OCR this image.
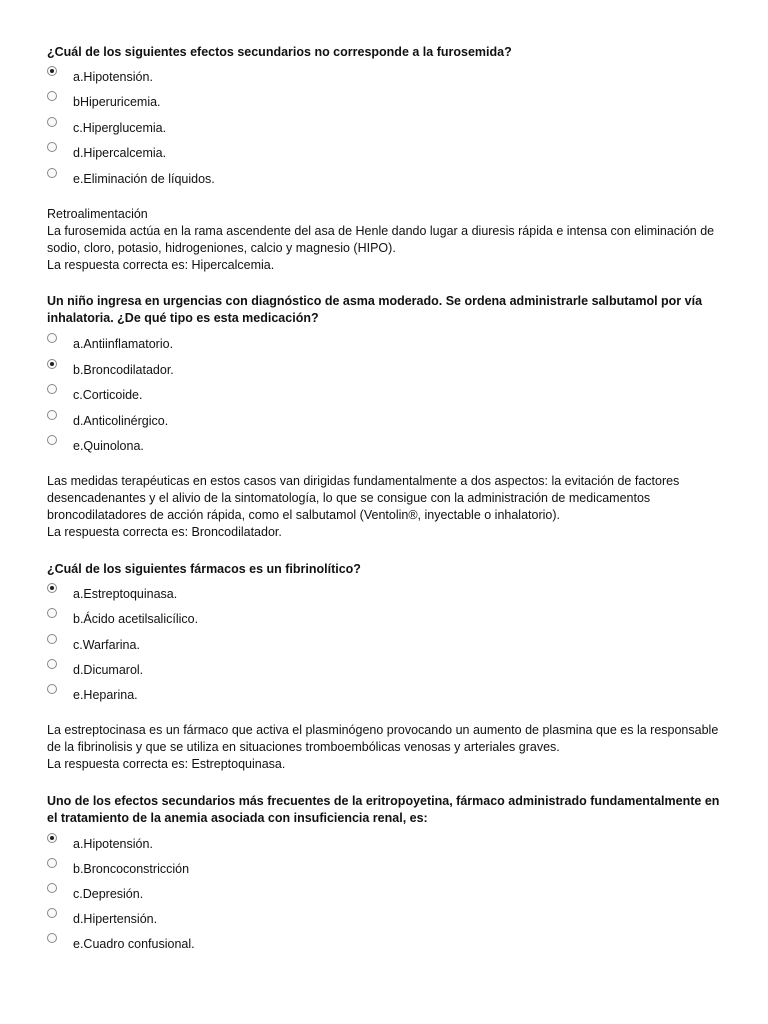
¿Cuál de los siguientes efectos secundarios no corresponde a la furosemida?
a.Hipotensión.
bHiperuricemia.
c.Hiperglucemia.
d.Hipercalcemia.
e.Eliminación de líquidos.

Retroalimentación

La furosemida actúa en la rama ascendente del asa de Henle dando lugar a diuresis rápida e intensa con eliminación de sodio, cloro, potasio, hidrogeniones, calcio y magnesio (HIPO).

La respuesta correcta es: Hipercalcemia.

Un niño ingresa en urgencias con diagnóstico de asma moderado. Se ordena administrarle salbutamol por vía inhalatoria. ¿De qué tipo es esta medicación?
a.Antiinflamatorio.
b.Broncodilatador.
c.Corticoide.
d.Anticolinérgico.
e.Quinolona.

Las medidas terapéuticas en estos casos van dirigidas fundamentalmente a dos aspectos: la evitación de factores desencadenantes y el alivio de la sintomatología, lo que se consigue con la administración de medicamentos broncodilatadores de acción rápida, como el salbutamol (Ventolin®, inyectable o inhalatorio).

La respuesta correcta es: Broncodilatador.

¿Cuál de los siguientes fármacos es un fibrinolítico?
a.Estreptoquinasa.
b.Ácido acetilsalicílico.
c.Warfarina.
d.Dicumarol.
e.Heparina.

La estreptocinasa es un fármaco que activa el plasminógeno provocando un aumento de plasmina que es la responsable de la fibrinolisis y que se utiliza en situaciones tromboembólicas venosas y arteriales graves.

La respuesta correcta es: Estreptoquinasa.

Uno de los efectos secundarios más frecuentes de la eritropoyetina, fármaco administrado fundamentalmente en el tratamiento de la anemia asociada con insuficiencia renal, es:
a.Hipotensión.
b.Broncoconstricción
c.Depresión.
d.Hipertensión.
e.Cuadro confusional.
